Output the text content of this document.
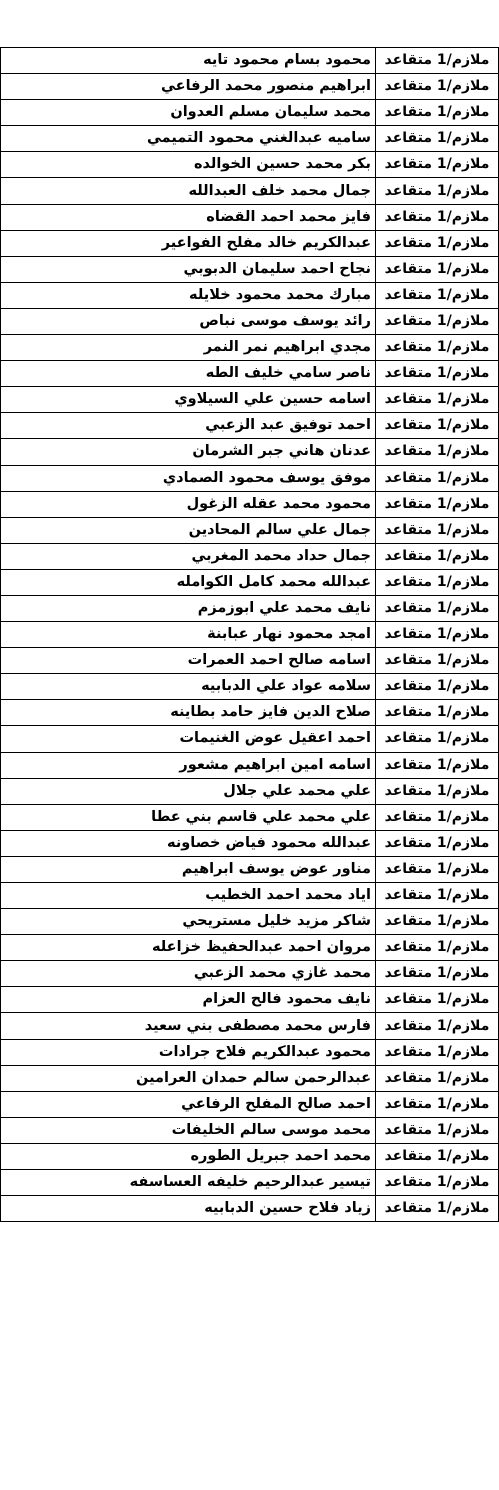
ملازم/1 متقاعد	محمود بسام محمود تايه
ملازم/1 متقاعد	ابراهيم منصور محمد الرفاعي
ملازم/1 متقاعد	محمد سليمان مسلم العدوان
ملازم/1 متقاعد	ساميه عبدالغني محمود التميمي
ملازم/1 متقاعد	بكر محمد حسين الخوالده
ملازم/1 متقاعد	جمال محمد خلف العبدالله
ملازم/1 متقاعد	فايز محمد احمد القضاه
ملازم/1 متقاعد	عبدالكريم خالد مفلح الفواعير
ملازم/1 متقاعد	نجاح احمد سليمان الدبوبي
ملازم/1 متقاعد	مبارك محمد محمود خلايله
ملازم/1 متقاعد	رائد يوسف موسى نباص
ملازم/1 متقاعد	مجدي ابراهيم نمر النمر
ملازم/1 متقاعد	ناصر سامي خليف الطه
ملازم/1 متقاعد	اسامه حسين علي السيلاوي
ملازم/1 متقاعد	احمد توفيق عبد الزعبي
ملازم/1 متقاعد	عدنان هاني جبر الشرمان
ملازم/1 متقاعد	موفق يوسف محمود الصمادي
ملازم/1 متقاعد	محمود محمد عقله الزغول
ملازم/1 متقاعد	جمال علي سالم المحادين
ملازم/1 متقاعد	جمال حداد محمد المغربي
ملازم/1 متقاعد	عبدالله محمد كامل الكوامله
ملازم/1 متقاعد	نايف محمد علي ابوزمزم
ملازم/1 متقاعد	امجد محمود نهار عبابنة
ملازم/1 متقاعد	اسامه صالح احمد العمرات
ملازم/1 متقاعد	سلامه عواد علي الدبابيه
ملازم/1 متقاعد	صلاح الدين فايز حامد بطاينه
ملازم/1 متقاعد	احمد اعقيل عوض الغنيمات
ملازم/1 متقاعد	اسامه امين ابراهيم مشعور
ملازم/1 متقاعد	علي محمد علي جلال
ملازم/1 متقاعد	علي محمد علي قاسم بني عطا
ملازم/1 متقاعد	عبدالله محمود فياض خصاونه
ملازم/1 متقاعد	مناور عوض يوسف ابراهيم
ملازم/1 متقاعد	اياد محمد احمد الخطيب
ملازم/1 متقاعد	شاكر مزيد خليل مستريحي
ملازم/1 متقاعد	مروان احمد عبدالحفيظ خزاعله
ملازم/1 متقاعد	محمد غازي محمد الزعبي
ملازم/1 متقاعد	نايف محمود فالح العزام
ملازم/1 متقاعد	فارس محمد مصطفى بني سعيد
ملازم/1 متقاعد	محمود عبدالكريم فلاح جرادات
ملازم/1 متقاعد	عبدالرحمن سالم حمدان العرامين
ملازم/1 متقاعد	احمد صالح المفلح الرفاعي
ملازم/1 متقاعد	محمد موسى سالم الخليفات
ملازم/1 متقاعد	محمد احمد جبريل الطوره
ملازم/1 متقاعد	تيسير عبدالرحيم خليفه العساسفه
ملازم/1 متقاعد	زياد فلاح حسين الدبابيه
